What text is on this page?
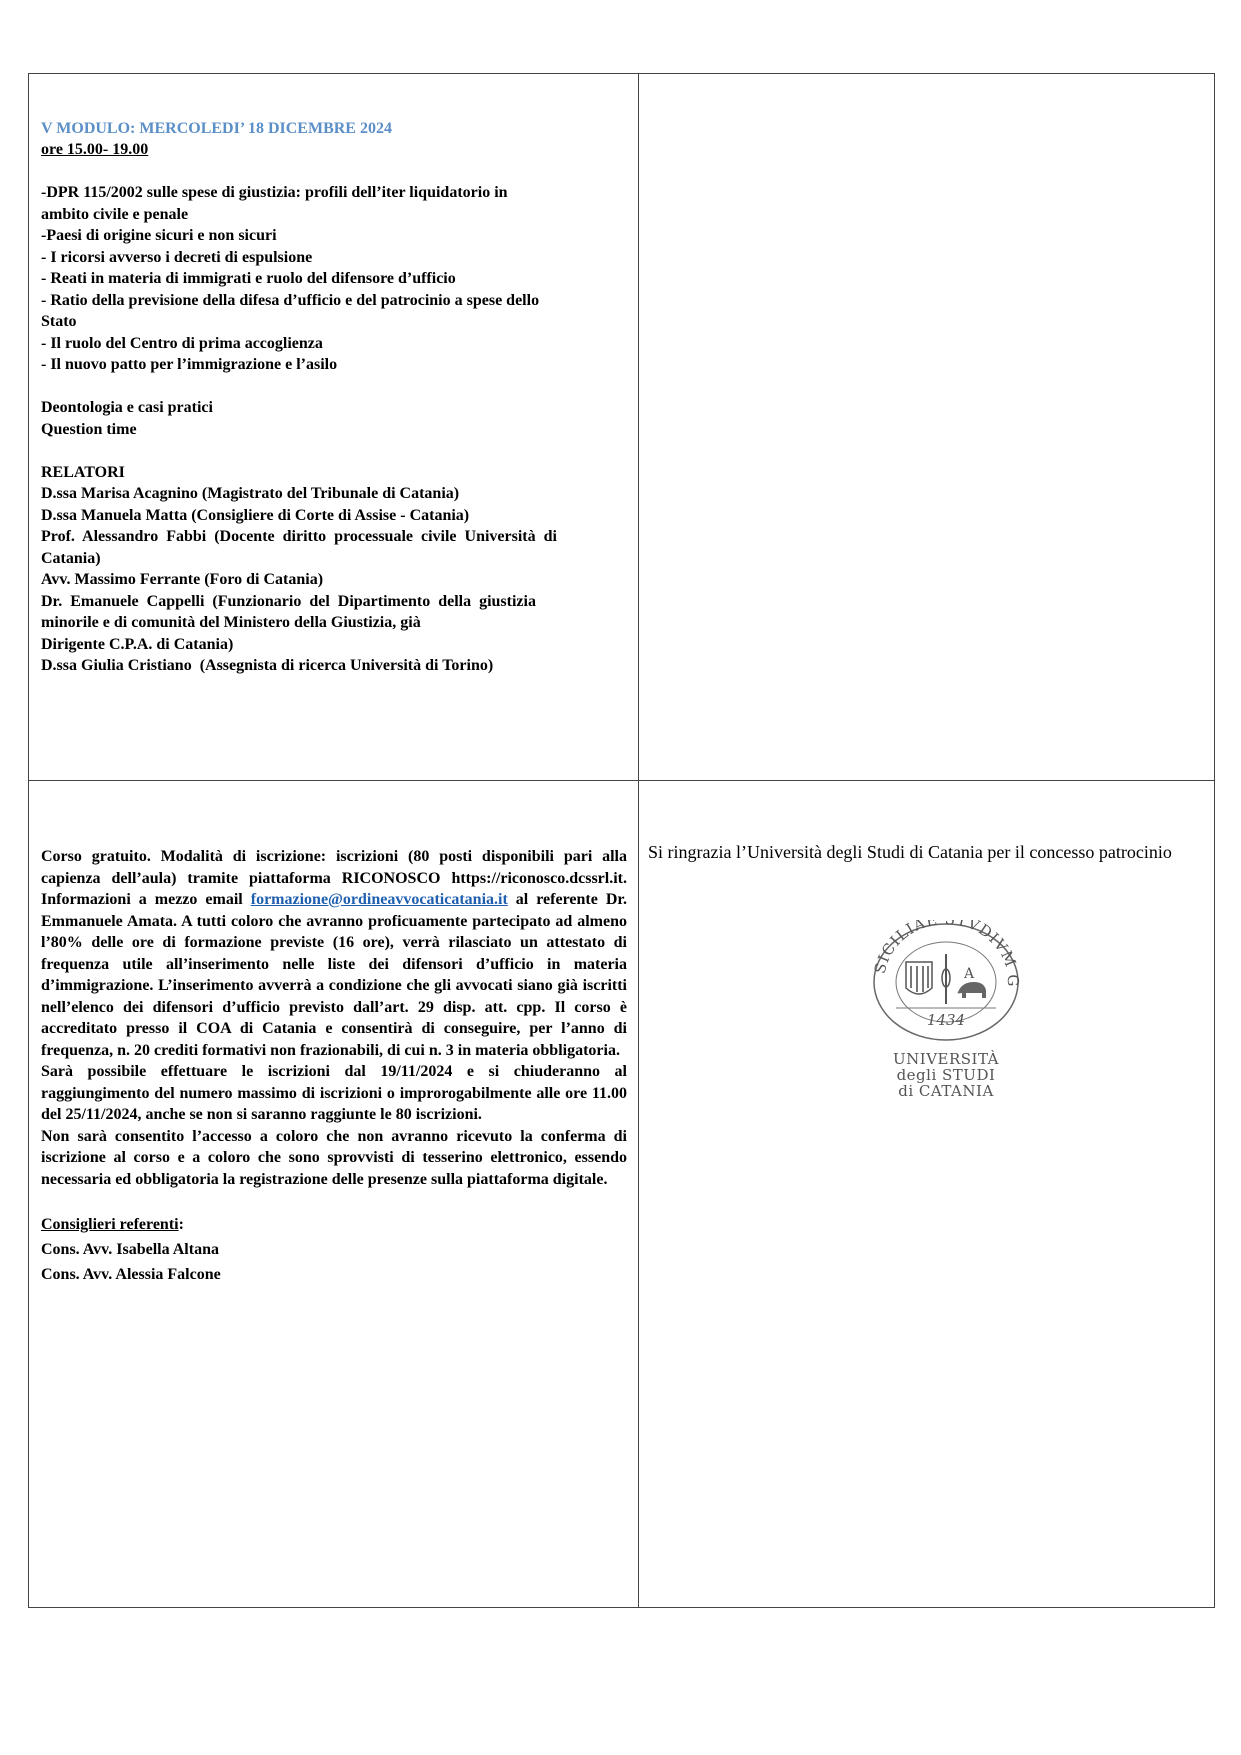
V MODULO: MERCOLEDI’ 18 DICEMBRE 2024

ore 15.00- 19.00

-DPR 115/2002 sulle spese di giustizia: profili dell’iter liquidatorio in

ambito civile e penale

-Paesi di origine sicuri e non sicuri

- I ricorsi avverso i decreti di espulsione

- Reati in materia di immigrati e ruolo del difensore d’ufficio

- Ratio della previsione della difesa d’ufficio e del patrocinio a spese dello

Stato

- Il ruolo del Centro di prima accoglienza

- Il nuovo patto per l’immigrazione e l’asilo

Deontologia e casi pratici

Question time

RELATORI

D.ssa Marisa Acagnino (Magistrato del Tribunale di Catania)

D.ssa Manuela Matta (Consigliere di Corte di Assise - Catania)

Prof.  Alessandro  Fabbi  (Docente  diritto  processuale  civile  Università  di

Catania)

Avv. Massimo Ferrante (Foro di Catania)

Dr.  Emanuele  Cappelli  (Funzionario  del  Dipartimento  della  giustizia

minorile e di comunità del Ministero della Giustizia, già

Dirigente C.P.A. di Catania)

D.ssa Giulia Cristiano  (Assegnista di ricerca Università di Torino)

Corso gratuito. Modalità di iscrizione: iscrizioni (80 posti disponibili pari alla capienza dell’aula) tramite piattaforma RICONOSCO https://riconosco.dcssrl.it. Informazioni a mezzo email formazione@ordineavvocaticatania.it al referente Dr. Emmanuele Amata. A tutti coloro che avranno proficuamente partecipato ad almeno l’80% delle ore di formazione previste (16 ore), verrà rilasciato un attestato di frequenza utile all’inserimento nelle liste dei difensori d’ufficio in materia d’immigrazione. L’inserimento avverrà a condizione che gli avvocati siano già iscritti nell’elenco dei difensori d’ufficio previsto dall’art. 29 disp. att. cpp. Il corso è accreditato presso il COA di Catania e consentirà di conseguire, per l’anno di frequenza, n. 20 crediti formativi non frazionabili, di cui n. 3 in materia obbligatoria.

Sarà possibile effettuare le iscrizioni dal 19/11/2024 e si chiuderanno al raggiungimento del numero massimo di iscrizioni o improrogabilmente alle ore 11.00 del 25/11/2024, anche se non si saranno raggiunte le 80 iscrizioni.

Non sarà consentito l’accesso a coloro che non avranno ricevuto la conferma di iscrizione al corso e a coloro che sono sprovvisti di tesserino elettronico, essendo necessaria ed obbligatoria la registrazione delle presenze sulla piattaforma digitale.

Consiglieri referenti:

Cons. Avv. Isabella Altana

Cons. Avv. Alessia Falcone

Si ringrazia l’Università degli Studi di Catania per il concesso patrocinio

SICILIAE TVDIVM G
A
1434
UNIVERSITÀ
degli STUDI
di CATANIA
